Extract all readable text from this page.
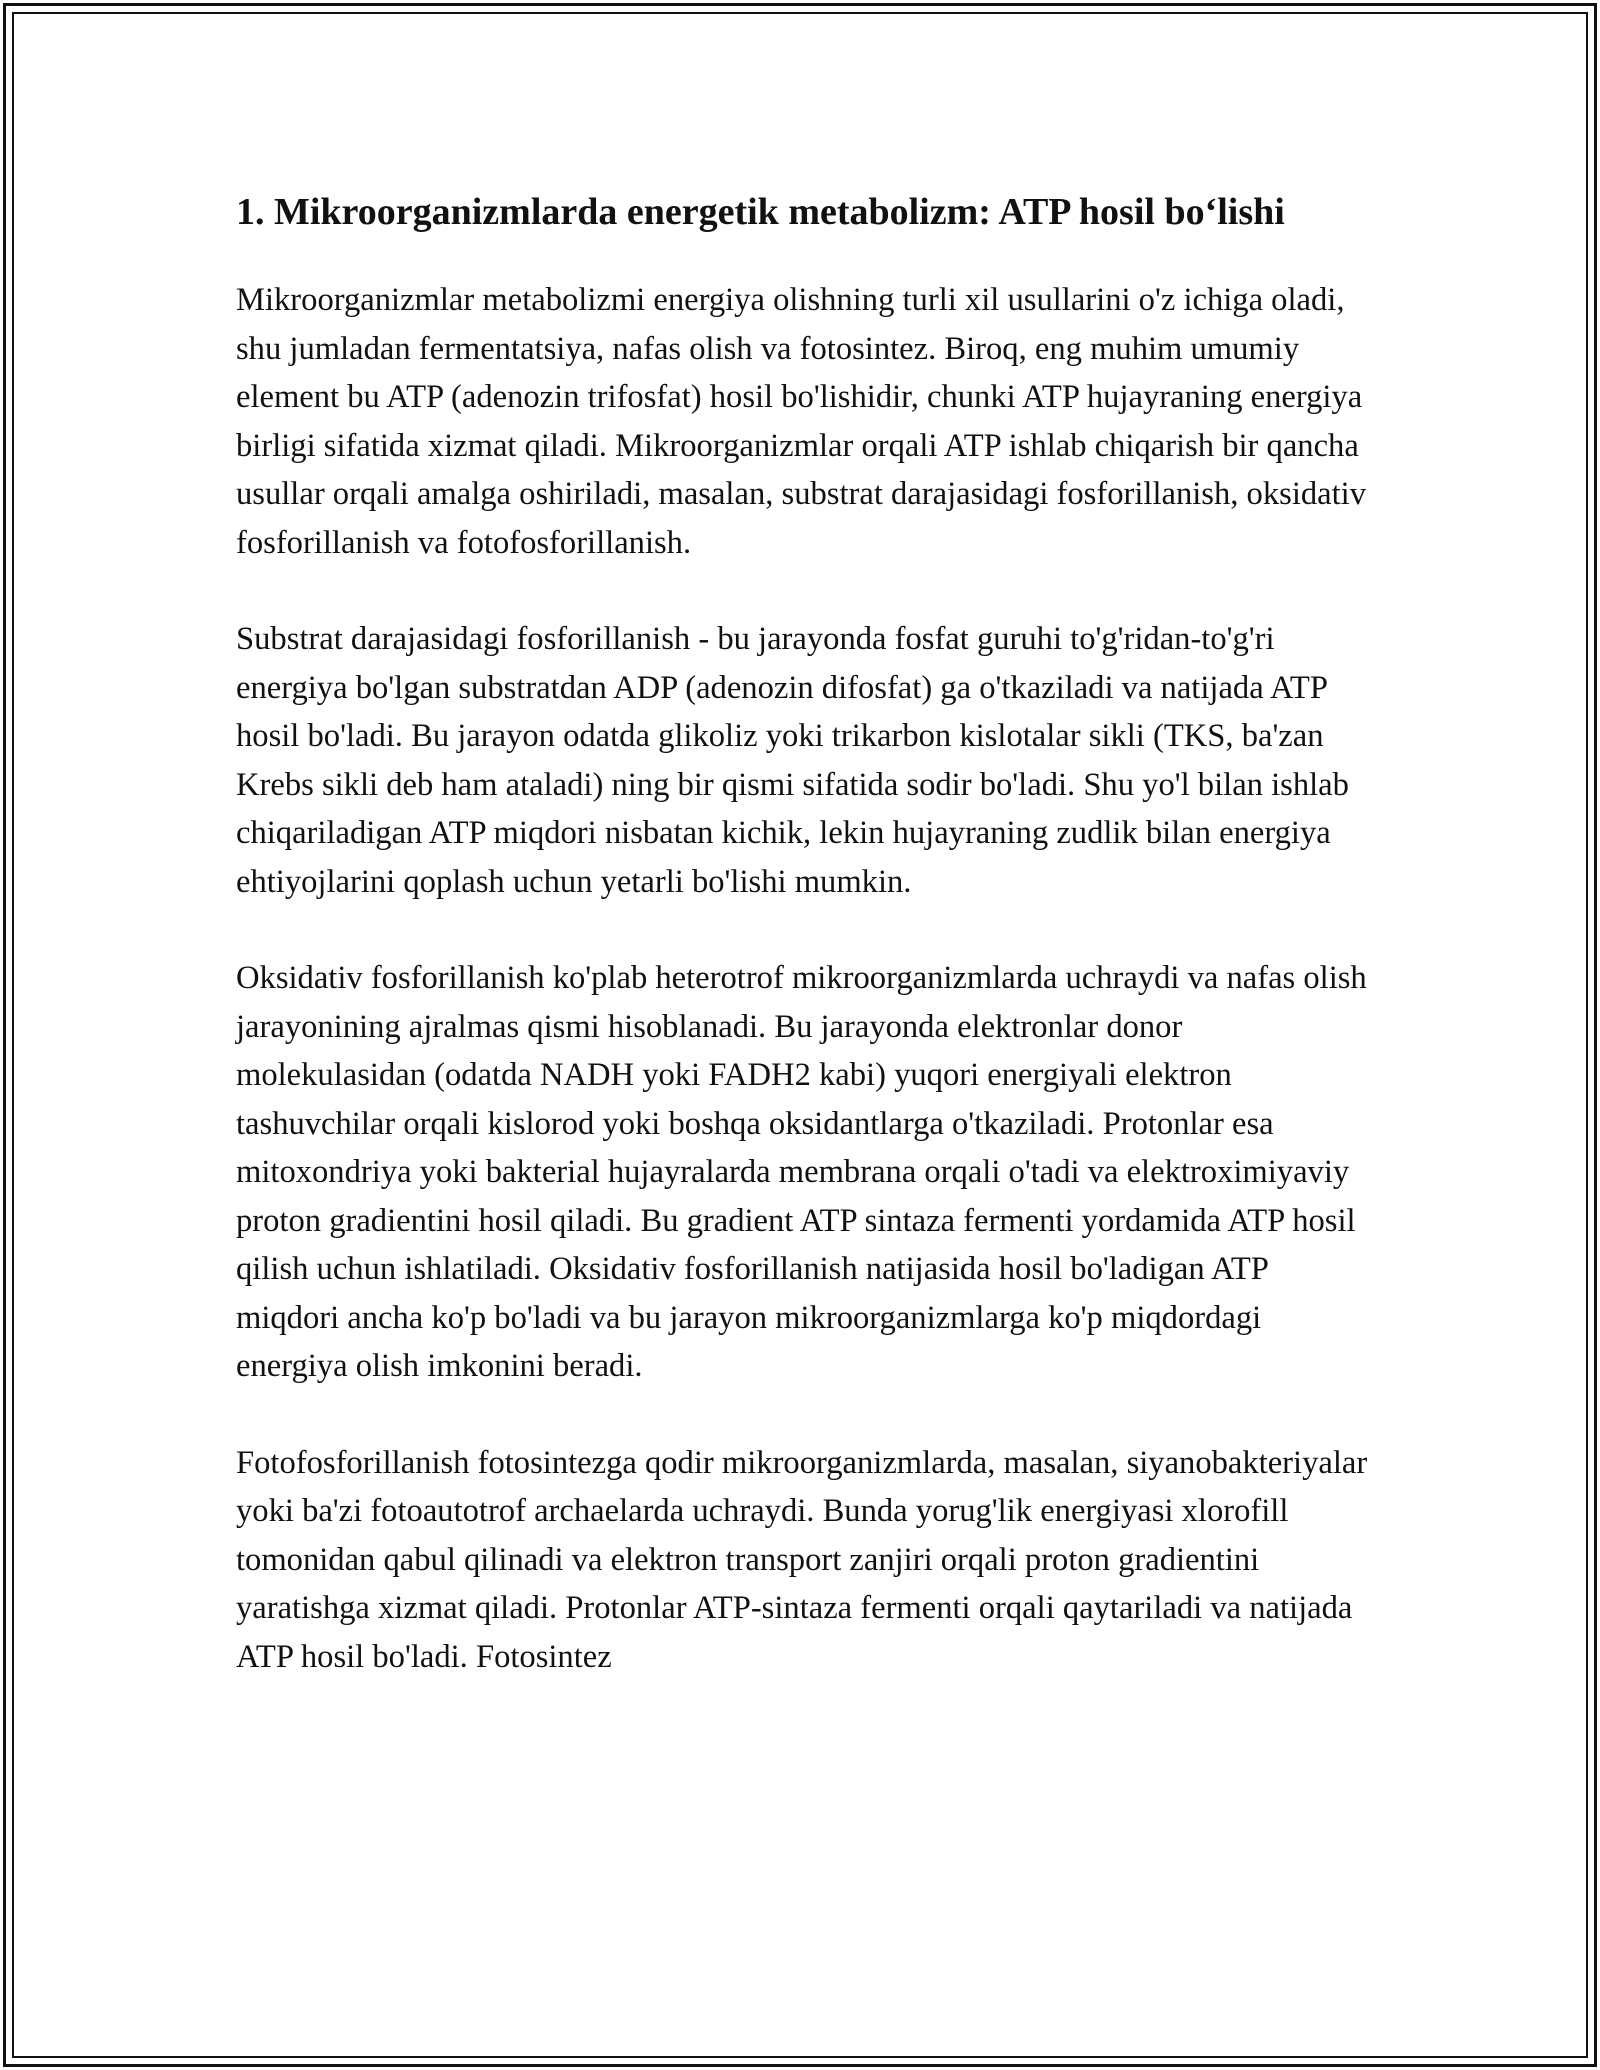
1. Mikroorganizmlarda energetik metabolizm: ATP hosil bo‘lishi

Mikroorganizmlar metabolizmi energiya olishning turli xil usullarini o'z ichiga oladi, shu jumladan fermentatsiya, nafas olish va fotosintez. Biroq, eng muhim umumiy element bu ATP (adenozin trifosfat) hosil bo'lishidir, chunki ATP hujayraning energiya birligi sifatida xizmat qiladi. Mikroorganizmlar orqali ATP ishlab chiqarish bir qancha usullar orqali amalga oshiriladi, masalan, substrat darajasidagi fosforillanish, oksidativ fosforillanish va fotofosforillanish.

Substrat darajasidagi fosforillanish - bu jarayonda fosfat guruhi to'g'ridan-to'g'ri energiya bo'lgan substratdan ADP (adenozin difosfat) ga o'tkaziladi va natijada ATP hosil bo'ladi. Bu jarayon odatda glikoliz yoki trikarbon kislotalar sikli (TKS, ba'zan Krebs sikli deb ham ataladi) ning bir qismi sifatida sodir bo'ladi. Shu yo'l bilan ishlab chiqariladigan ATP miqdori nisbatan kichik, lekin hujayraning zudlik bilan energiya ehtiyojlarini qoplash uchun yetarli bo'lishi mumkin.

Oksidativ fosforillanish ko'plab heterotrof mikroorganizmlarda uchraydi va nafas olish jarayonining ajralmas qismi hisoblanadi. Bu jarayonda elektronlar donor molekulasidan (odatda NADH yoki FADH2 kabi) yuqori energiyali elektron tashuvchilar orqali kislorod yoki boshqa oksidantlarga o'tkaziladi. Protonlar esa mitoxondriya yoki bakterial hujayralarda membrana orqali o'tadi va elektroximiyaviy proton gradientini hosil qiladi. Bu gradient ATP sintaza fermenti yordamida ATP hosil qilish uchun ishlatiladi. Oksidativ fosforillanish natijasida hosil bo'ladigan ATP miqdori ancha ko'p bo'ladi va bu jarayon mikroorganizmlarga ko'p miqdordagi energiya olish imkonini beradi.

Fotofosforillanish fotosintezga qodir mikroorganizmlarda, masalan, siyanobakteriyalar yoki ba'zi fotoautotrof archaelarda uchraydi. Bunda yorug'lik energiyasi xlorofill tomonidan qabul qilinadi va elektron transport zanjiri orqali proton gradientini yaratishga xizmat qiladi. Protonlar ATP-sintaza fermenti orqali qaytariladi va natijada ATP hosil bo'ladi. Fotosintez
